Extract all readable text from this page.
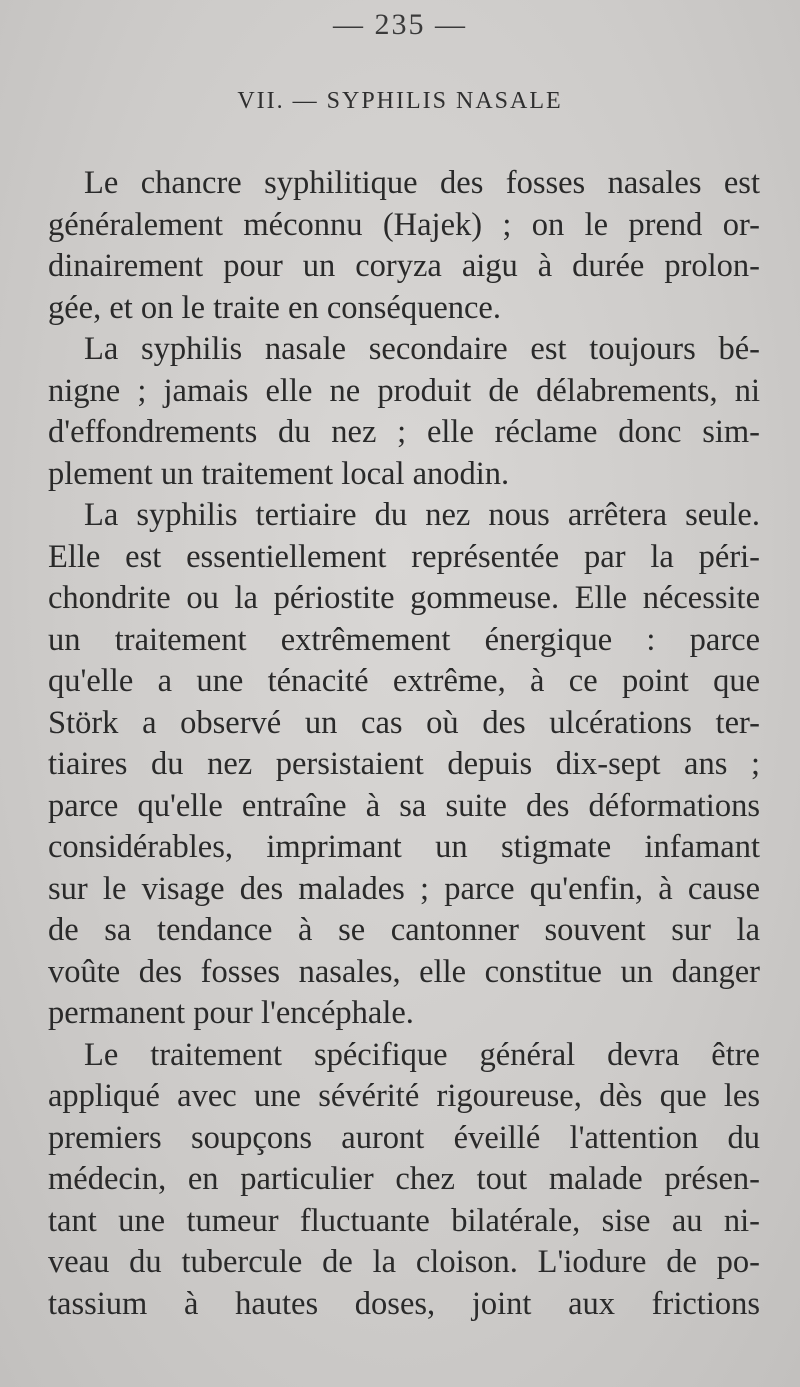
— 235 —
VII. — SYPHILIS NASALE
Le chancre syphilitique des fosses nasales est
généralement méconnu (Hajek) ; on le prend or-
dinairement pour un coryza aigu à durée prolon-
gée, et on le traite en conséquence.
La syphilis nasale secondaire est toujours bé-
nigne ; jamais elle ne produit de délabrements, ni
d'effondrements du nez ; elle réclame donc sim-
plement un traitement local anodin.
La syphilis tertiaire du nez nous arrêtera seule.
Elle est essentiellement représentée par la péri-
chondrite ou la périostite gommeuse. Elle nécessite
un traitement extrêmement énergique : parce
qu'elle a une ténacité extrême, à ce point que
Störk a observé un cas où des ulcérations ter-
tiaires du nez persistaient depuis dix-sept ans ;
parce qu'elle entraîne à sa suite des déformations
considérables, imprimant un stigmate infamant
sur le visage des malades ; parce qu'enfin, à cause
de sa tendance à se cantonner souvent sur la
voûte des fosses nasales, elle constitue un danger
permanent pour l'encéphale.
Le traitement spécifique général devra être
appliqué avec une sévérité rigoureuse, dès que les
premiers soupçons auront éveillé l'attention du
médecin, en particulier chez tout malade présen-
tant une tumeur fluctuante bilatérale, sise au ni-
veau du tubercule de la cloison. L'iodure de po-
tassium à hautes doses, joint aux frictions
